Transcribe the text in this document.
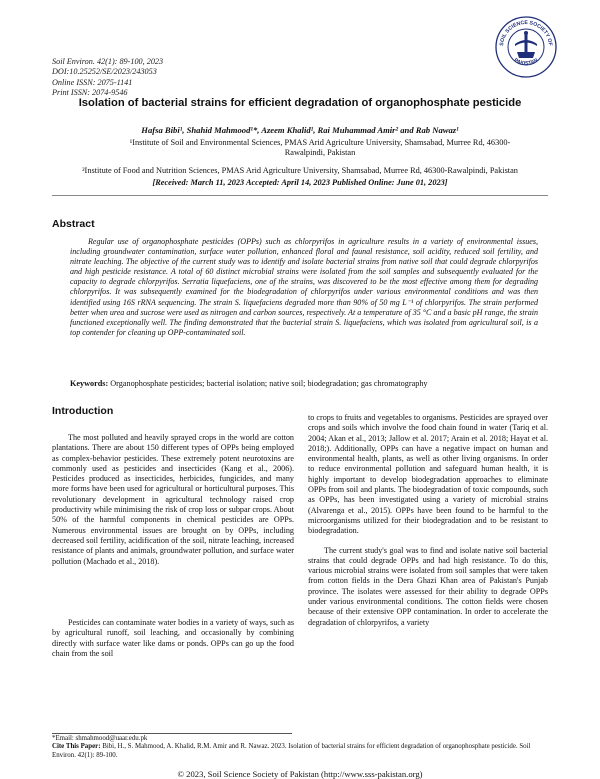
Soil Environ. 42(1): 89-100, 2023
DOI:10.25252/SE/2023/243053
Online ISSN: 2075-1141
Print ISSN: 2074-9546
SOIL SCIENCE SOCIETY OF
PAKISTAN
Isolation of bacterial strains for efficient degradation of organophosphate pesticide
Hafsa Bibi¹, Shahid Mahmood¹*, Azeem Khalid¹, Rai Muhammad Amir² and Rab Nawaz¹
¹Institute of Soil and Environmental Sciences, PMAS Arid Agriculture University, Shamsabad, Murree Rd, 46300-Rawalpindi, Pakistan
²Institute of Food and Nutrition Sciences, PMAS Arid Agriculture University, Shamsabad, Murree Rd, 46300-Rawalpindi, Pakistan
[Received: March 11, 2023 Accepted: April 14, 2023 Published Online: June 01, 2023]
Abstract
Regular use of organophosphate pesticides (OPPs) such as chlorpyrifos in agriculture results in a variety of environmental issues, including groundwater contamination, surface water pollution, enhanced floral and faunal resistance, soil acidity, reduced soil fertility, and nitrate leaching. The objective of the current study was to identify and isolate bacterial strains from native soil that could degrade chlorpyrifos and high pesticide resistance. A total of 60 distinct microbial strains were isolated from the soil samples and subsequently evaluated for the capacity to degrade chlorpyrifos. Serratia liquefaciens, one of the strains, was discovered to be the most effective among them for degrading chlorpyrifos. It was subsequently examined for the biodegradation of chlorpyrifos under various environmental conditions and was then identified using 16S rRNA sequencing. The strain S. liquefaciens degraded more than 90% of 50 mg L⁻¹ of chlorpyrifos. The strain performed better when urea and sucrose were used as nitrogen and carbon sources, respectively. At a temperature of 35 °C and a basic pH range, the strain functioned exceptionally well. The finding demonstrated that the bacterial strain S. liquefaciens, which was isolated from agricultural soil, is a top contender for cleaning up OPP-contaminated soil.
Keywords: Organophosphate pesticides; bacterial isolation; native soil; biodegradation; gas chromatography
Introduction

The most polluted and heavily sprayed crops in the world are cotton plantations. There are about 150 different types of OPPs being employed as complex-behavior pesticides. These extremely potent neurotoxins are commonly used as pesticides and insecticides (Kang et al., 2006). Pesticides produced as insecticides, herbicides, fungicides, and many more forms have been used for agricultural or horticultural purposes. This revolutionary development in agricultural technology raised crop productivity while minimising the risk of crop loss or subpar crops. About 50% of the harmful components in chemical pesticides are OPPs. Numerous environmental issues are brought on by OPPs, including decreased soil fertility, acidification of the soil, nitrate leaching, increased resistance of plants and animals, groundwater pollution, and surface water pollution (Machado et al., 2018).

Pesticides can contaminate water bodies in a variety of ways, such as by agricultural runoff, soil leaching, and occasionally by combining directly with surface water like dams or ponds. OPPs can go up the food chain from the soil

to crops to fruits and vegetables to organisms. Pesticides are sprayed over crops and soils which involve the food chain found in water (Tariq et al. 2004; Akan et al., 2013; Jallow et al. 2017; Arain et al. 2018; Hayat et al. 2018;). Additionally, OPPs can have a negative impact on human and environmental health, plants, as well as other living organisms. In order to reduce environmental pollution and safeguard human health, it is highly important to develop biodegradation approaches to eliminate OPPs from soil and plants. The biodegradation of toxic compounds, such as OPPs, has been investigated using a variety of microbial strains (Alvarenga et al., 2015). OPPs have been found to be harmful to the microorganisms utilized for their biodegradation and to be resistant to biodegradation.

The current study's goal was to find and isolate native soil bacterial strains that could degrade OPPs and had high resistance. To do this, various microbial strains were isolated from soil samples that were taken from cotton fields in the Dera Ghazi Khan area of Pakistan's Punjab province. The isolates were assessed for their ability to degrade OPPs under various environmental conditions. The cotton fields were chosen because of their extensive OPP contamination. In order to accelerate the degradation of chlorpyrifos, a variety

*Email: shmahmood@uaar.edu.pk
Cite This Paper: Bibi, H., S. Mahmood, A. Khalid, R.M. Amir and R. Nawaz. 2023. Isolation of bacterial strains for efficient degradation of organophosphate pesticide. Soil Environ. 42(1): 89-100.
© 2023, Soil Science Society of Pakistan (http://www.sss-pakistan.org)
